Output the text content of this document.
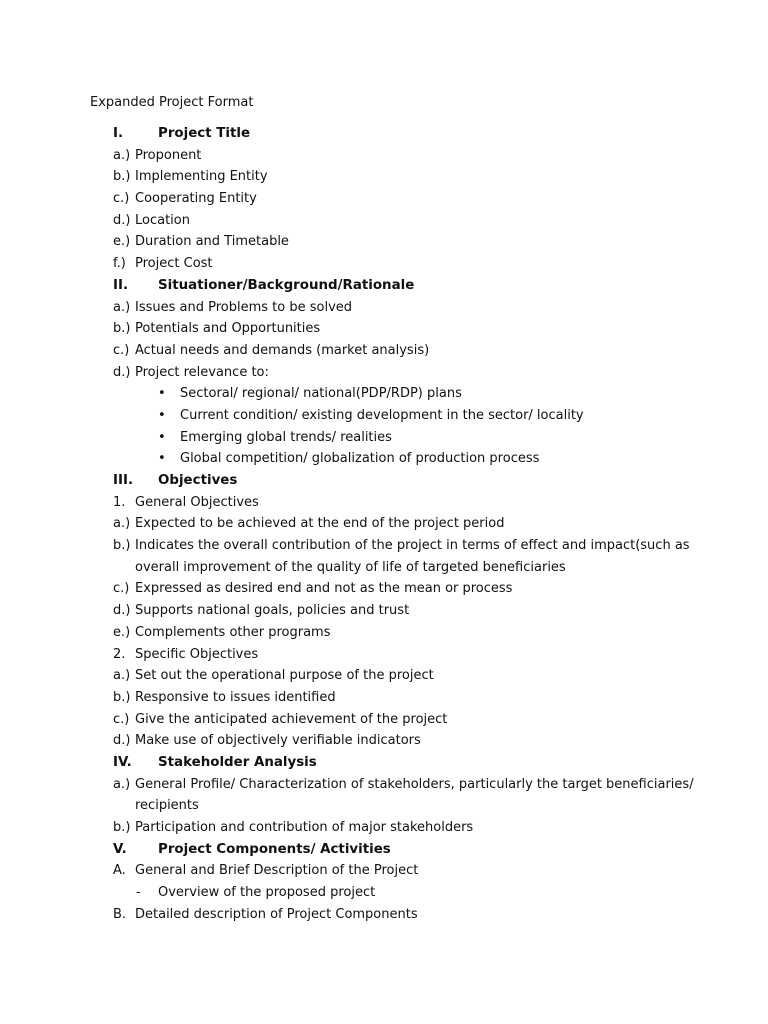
Expanded Project Format
I.	Project Title
a.) Proponent
b.) Implementing Entity
c.) Cooperating Entity
d.) Location
e.) Duration and Timetable
f.) Project Cost
II. Situationer/Background/Rationale
a.) Issues and Problems to be solved
b.) Potentials and Opportunities
c.) Actual needs and demands (market analysis)
d.) Project relevance to:
• Sectoral/ regional/ national(PDP/RDP) plans
• Current condition/ existing development in the sector/ locality
• Emerging global trends/ realities
• Global competition/ globalization of production process
III. Objectives
1. General Objectives
a.) Expected to be achieved at the end of the project period
b.) Indicates the overall contribution of the project in terms of effect and impact(such as
overall improvement of the quality of life of targeted beneficiaries
c.) Expressed as desired end and not as the mean or process
d.) Supports national goals, policies and trust
e.) Complements other programs
2. Specific Objectives
a.) Set out the operational purpose of the project
b.) Responsive to issues identified
c.) Give the anticipated achievement of the project
d.) Make use of objectively verifiable indicators
IV. Stakeholder Analysis
a.) General Profile/ Characterization of stakeholders, particularly the target beneficiaries/
recipients
b.) Participation and contribution of major stakeholders
V. Project Components/ Activities
A. General and Brief Description of the Project
- Overview of the proposed project
B. Detailed description of Project Components
